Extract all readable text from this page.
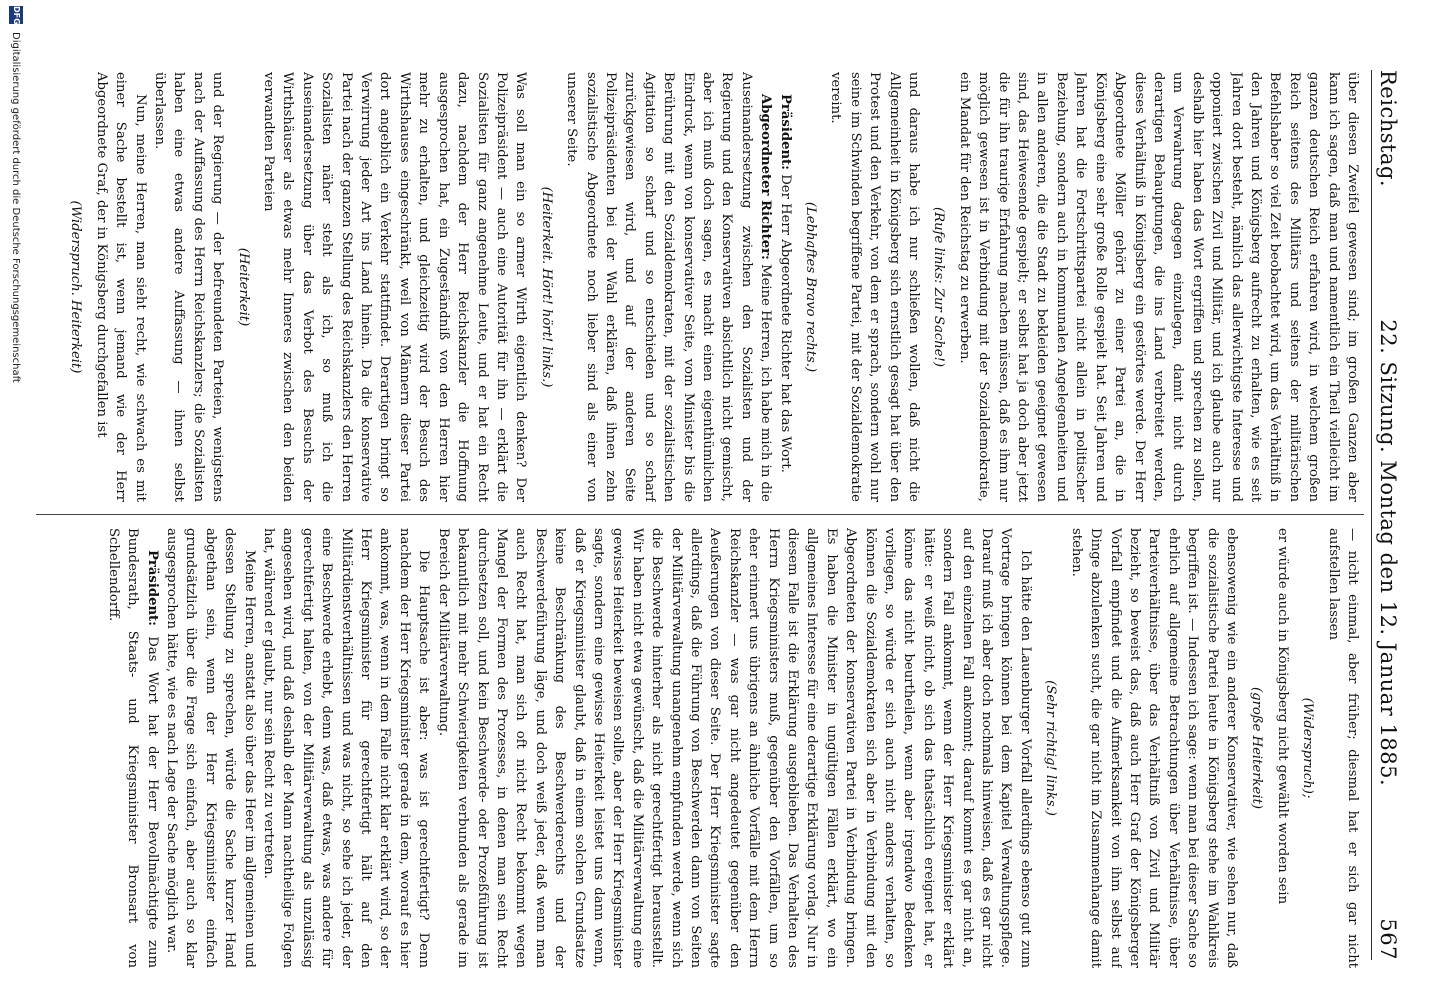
Reichstag.
22. Sitzung. Montag den 12. Januar 1885.
567

über diesen Zweifel gewesen sind; im großen Ganzen aber kann ich sagen, daß man und namentlich ein Theil vielleicht im ganzen deutschen Reich erfahren wird, in welchem großen Reich seitens des Militärs und seitens der militärischen Befehlshaber so viel Zeit beobachtet wird, um das Verhältniß in den Jahren und Königsberg aufrecht zu erhalten, wie es seit Jahren dort besteht, nämlich das allerwichtigste Interesse und opponiert zwischen Zivil und Militär, und ich glaube auch nur deshalb hier haben das Wort ergriffen und sprechen zu sollen, um Verwahrung dagegen einzulegen, damit nicht durch derartigen Behauptungen, die ins Land verbreitet werden, dieses Verhältniß in Königsberg ein gestörtes werde. Der Herr Abgeordnete Möller gehört zu einer Partei an, die in Königsberg eine sehr große Rolle gespielt hat. Seit Jahren und Jahren hat die Fortschrittspartei nicht allein in politischer Beziehung, sondern auch in kommunalen Angelegenheiten und in allen anderen, die die Stadt zu bekleiden geeignet gewesen sind, das Heiwesende gespielt; er selbst hat ja doch aber jetzt die für ihn traurige Erfahrung machen müssen, daß es ihm nur möglich gewesen ist in Verbindung mit der Sozialdemokratie, ein Mandat für den Reichstag zu erwerben.

(Rufe links: Zur Sache!)

und daraus habe ich nur schließen wollen, daß nicht die Allgemeinheit in Königsberg sich ernstlich gesagt hat über den Protest und den Verkehr, von dem er sprach, sondern wohl nur seine im Schwinden begriffene Partei, mit der Sozialdemokratie vereint.

(Lebhaftes Bravo rechts.)

Präsident: Der Herr Abgeordnete Richter hat das Wort.

Abgeordneter Richter: Meine Herren, ich habe mich in die Auseinandersetzung zwischen den Sozialisten und der Regierung und den Konservativen absichtlich nicht gemischt, aber ich muß doch sagen, es macht einen eigenthümlichen Eindruck, wenn von konservativer Seite, vom Minister bis die Berührung mit den Sozialdemokraten, mit der sozialistischen Agitation so scharf und so entschieden und so scharf zurückgewiesen wird, und auf der anderen Seite Polizeipräsidenten bei der Wahl erklären, daß ihnen zehn sozialistische Abgeordnete noch lieber sind als einer von unserer Seite.

(Heiterkeit. Hört! hört! links.)

Was soll man ein so armer Wirth eigentlich denken? Der Polizeipräsident — auch eine Autorität für ihn — erklärt die Sozialisten für ganz angenehme Leute, und er hat ein Recht dazu, nachdem der Herr Reichskanzler die Hoffnung ausgesprochen hat, ein Zugeständniß von den Herren hier mehr zu erhalten, und gleichzeitig wird der Besuch des Wirthshauses eingeschränkt, weil von Männern dieser Partei dort angeblich ein Verkehr stattfindet. Derartigen bringt so Verwirrung jeder Art ins Land hinein. Da die konservative Partei nach der ganzen Stellung des Reichskanzlers den Herren Sozialisten näher steht als ich, so muß ich die Auseinandersetzung über das Verbot des Besuchs der Wirthshäuser als etwas mehr Inneres zwischen den beiden verwandten Parteien

(Heiterkeit)

und der Regierung — der befreundeten Parteien, wenigstens nach der Auffassung des Herrn Reichskanzlers; die Sozialisten haben eine etwas andere Auffassung — ihnen selbst überlassen.

Nun, meine Herren, man sieht recht, wie schwach es mit einer Sache bestellt ist, wenn jemand wie der Herr Abgeordnete Graf, der in Königsberg durchgefallen ist

(Widerspruch. Heiterkeit)

— nicht einmal, aber früher; diesmal hat er sich gar nicht aufstellen lassen

(Widerspruch);

er würde auch in Königsberg nicht gewählt worden sein

(große Heiterkeit)

ebensowenig wie ein anderer Konservativer, wie sehen nur, daß die sozialistische Partei heute in Königsberg stehe im Wahlkreis begriffen ist. — Indessen ich sage: wenn man bei dieser Sache so ehrlich auf allgemeine Betrachtungen über Verhältnisse, über Parteiverhältnisse, über das Verhältniß von Zivil und Militär bezieht, so beweist das, daß auch Herr Graf der Königsberger Vorfall empfindet und die Aufmerksamkeit von ihm selbst auf Dinge abzulenken sucht, die gar nicht im Zusammenhange damit stehen.

(Sehr richtig! links.)

Ich hätte den Lauenburger Vorfall allerdings ebenso gut zum Vortrage bringen können bei dem Kapitel Verwaltungspflege. Darauf muß ich aber doch nochmals hinweisen, daß es gar nicht auf den einzelnen Fall ankommt; darauf kommt es gar nicht an, sondern Fall ankommt, wenn der Herr Kriegsminister erklärt hätte: er weiß nicht, ob sich das thatsächlich ereignet hat, er könne das nicht beurtheilen, wenn aber irgendwo Bedenken vorliegen, so würde er sich auch nicht anders verhalten, so können die Sozialdemokraten sich aber in Verbindung mit den Abgeordneten der konservativen Partei in Verbindung bringen. Es haben die Minister in ungültigen Fällen erklärt, wo ein allgemeines Interesse für eine derartige Erklärung vorlag. Nur in diesem Falle ist die Erklärung ausgeblieben. Das Verhalten des Herrn Kriegsministers muß, gegenüber den Vorfällen, um so eher erinnert uns übrigens an ähnliche Vorfälle mit dem Herrn Reichskanzler — was gar nicht angedeutet gegenüber den Aeußerungen von dieser Seite. Der Herr Kriegsminister sagte allerdings, daß die Führung von Beschwerden dann von Seiten der Militärverwaltung unangenehm empfunden werde, wenn sich die Beschwerde hinterher als nicht gerechtfertigt herausstellt. Wir haben nicht etwa gewünscht, daß die Militärverwaltung eine gewisse Heiterkeit beweisen sollte, aber der Herr Kriegsminister sagte, sondern eine gewisse Heiterkeit leistet uns dann wenn, daß er Kriegsminister glaubt, daß in einem solchen Grundsatze keine Beschränkung des Beschwerderechts und der Beschwerdeführung läge, und doch weiß jeder, daß wenn man auch Recht hat, man sich oft nicht Recht bekommt wegen Mangel der Formen des Prozesses, in denen man sein Recht durchsetzen soll, und kein Beschwerde- oder Prozeßführung ist bekanntlich mit mehr Schwierigkeiten verbunden als gerade im Bereich der Militärverwaltung.

Die Hauptsache ist aber: was ist gerechtfertigt? Denn nachdem der Herr Kriegsminister gerade in dem, worauf es hier ankommt, was, wenn in dem Falle nicht klar erklärt wird, so der Herr Kriegsminister für gerechtfertigt hält auf den Militärdienstverhältnissen und was nicht, so sehe ich jeder, der eine Beschwerde erhebt, denn was, daß etwas, was andere für gerechtfertigt halten, von der Militärverwaltung als unzulässig angesehen wird, und daß deshalb der Mann nachtheilige Folgen hat, während er glaubt, nur sein Recht zu vertreten.

Meine Herren, anstatt also über das Heer im allgemeinen und dessen Stellung zu sprechen, würde die Sache kurzer Hand abgethan sein, wenn der Herr Kriegsminister einfach grundsätzlich über die Frage sich einfach, aber auch so klar ausgesprochen hätte, wie es nach Lage der Sache möglich war.

Präsident: Das Wort hat der Herr Bevollmächtigte zum Bundesrath, Staats- und Kriegsminister Bronsart von Schellendorff.

DFG
Digitalisierung gefördert durch die Deutsche Forschungsgemeinschaft
